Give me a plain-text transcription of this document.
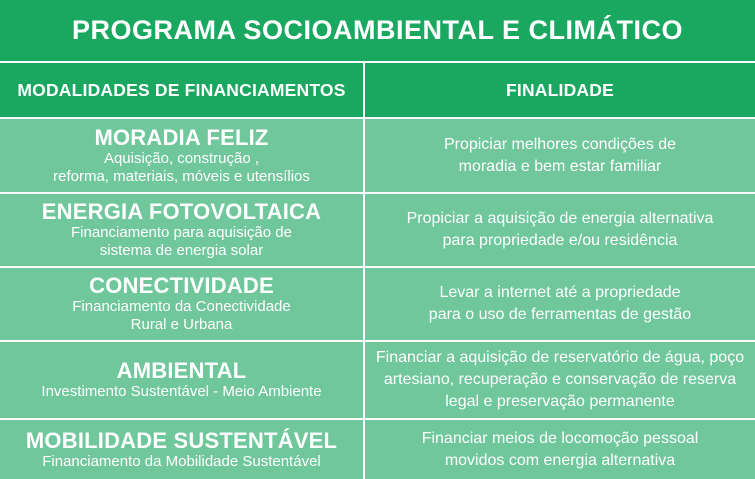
PROGRAMA SOCIOAMBIENTAL E CLIMÁTICO
MODALIDADES DE FINANCIAMENTOS	FINALIDADE
MORADIA FELIZ
Aquisição, construção ,
reforma, materiais, móveis e utensílios
Propiciar melhores condições de
moradia e bem estar familiar
ENERGIA FOTOVOLTAICA
Financiamento para aquisição de
sistema de energia solar
Propiciar a aquisição de energia alternativa
para propriedade e/ou residência
CONECTIVIDADE
Financiamento da Conectividade
Rural e Urbana
Levar a internet até a propriedade
para o uso de ferramentas de gestão
AMBIENTAL
Investimento Sustentável - Meio Ambiente
Financiar a aquisição de reservatório de água, poço
artesiano, recuperação e conservação de reserva
legal e preservação permanente
MOBILIDADE SUSTENTÁVEL
Financiamento da Mobilidade Sustentável
Financiar meios de locomoção pessoal
movidos com energia alternativa
